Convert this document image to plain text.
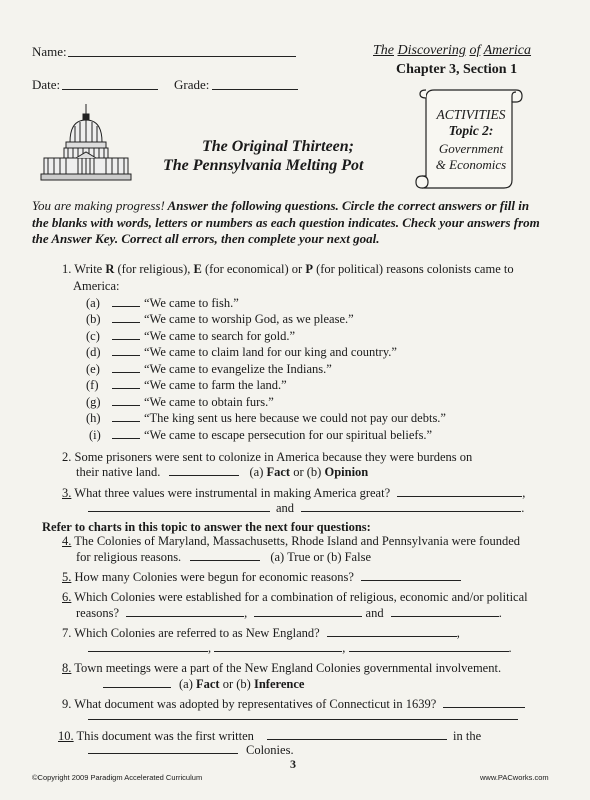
Name:
Date:	Grade:
The Discovering of America
Chapter 3, Section 1
The Original Thirteen;
The Pennsylvania Melting Pot
ACTIVITIES
Topic 2:
Government
& Economics
You are making progress! Answer the following questions. Circle the correct answers or fill in the blanks with words, letters or numbers as each question indicates. Check your answers from the Answer Key. Correct all errors, then complete your next goal.
1. Write R (for religious), E (for economical) or P (for political) reasons colonists came to
America:
(a)	“We came to fish.”
(b)	“We came to worship God, as we please.”
(c)	“We came to search for gold.”
(d)	“We came to claim land for our king and country.”
(e)	“We came to evangelize the Indians.”
(f)	“We came to farm the land.”
(g)	“We came to obtain furs.”
(h)	“The king sent us here because we could not pay our debts.”
(i)	“We came to escape persecution for our spiritual beliefs.”
2. Some prisoners were sent to colonize in America because they were burdens on
their native land.	(a) Fact or (b) Opinion
3. What three values were instrumental in making America great?	,
and	.
Refer to charts in this topic to answer the next four questions:
4. The Colonies of Maryland, Massachusetts, Rhode Island and Pennsylvania were founded
for religious reasons.	(a) True or (b) False
5. How many Colonies were begun for economic reasons?
6. Which Colonies were established for a combination of religious, economic and/or political
reasons?	,	and	.
7. Which Colonies are referred to as New England?	,
,	,	.
8. Town meetings were a part of the New England Colonies governmental involvement.
(a) Fact or (b) Inference
9. What document was adopted by representatives of Connecticut in 1639?
10. This document was the first written	in the
Colonies.
3
©Copyright 2009 Paradigm Accelerated Curriculum	www.PACworks.com
